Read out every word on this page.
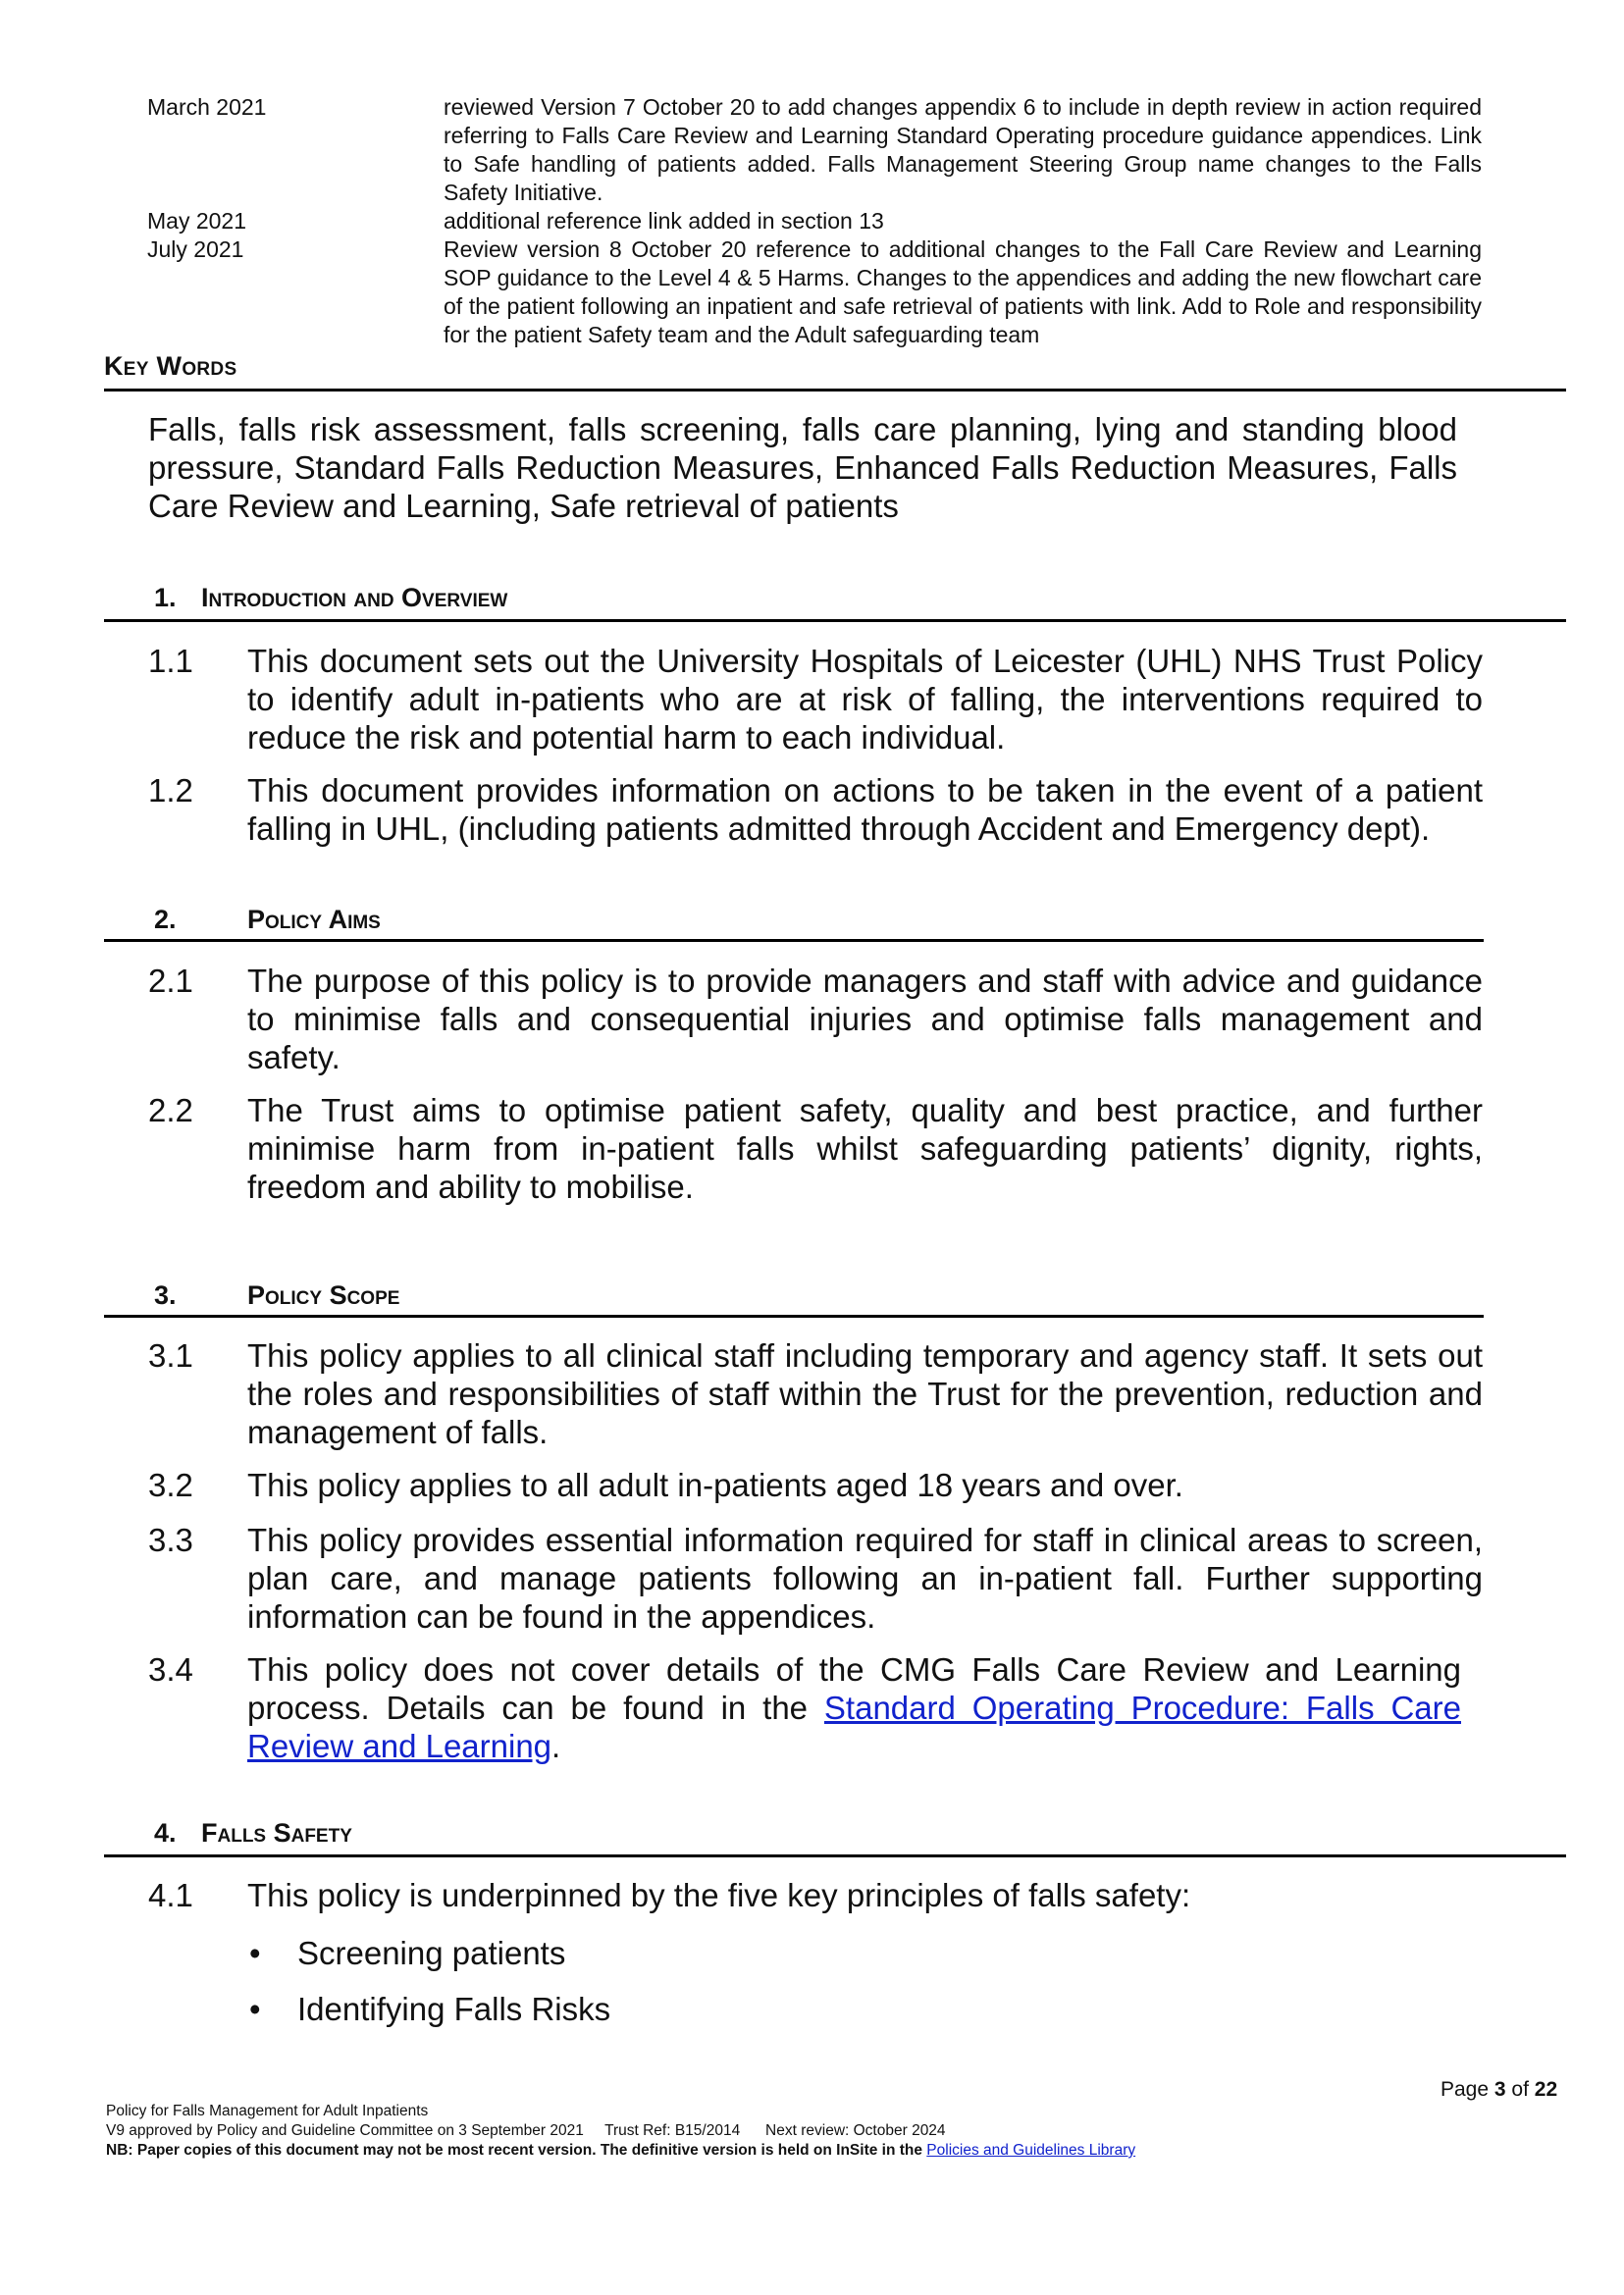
March 2021	reviewed Version 7 October 20 to add changes appendix 6 to include in depth review in action required referring to Falls Care Review and Learning Standard Operating procedure guidance appendices. Link to Safe handling of patients added. Falls Management Steering Group name changes to the Falls Safety Initiative.
May 2021	additional reference link added in section 13
July 2021	Review version 8 October 20 reference to additional changes to the Fall Care Review and Learning SOP guidance to the Level 4 & 5 Harms. Changes to the appendices and adding the new flowchart care of the patient following an inpatient and safe retrieval of patients with link. Add to Role and responsibility for the patient Safety team and the Adult safeguarding team
Key Words
Falls, falls risk assessment, falls screening, falls care planning, lying and standing blood pressure, Standard Falls Reduction Measures, Enhanced Falls Reduction Measures, Falls Care Review and Learning, Safe retrieval of patients
1. Introduction and Overview
1.1 This document sets out the University Hospitals of Leicester (UHL) NHS Trust Policy to identify adult in-patients who are at risk of falling, the interventions required to reduce the risk and potential harm to each individual.
1.2 This document provides information on actions to be taken in the event of a patient falling in UHL, (including patients admitted through Accident and Emergency dept).
2.	Policy Aims
2.1 The purpose of this policy is to provide managers and staff with advice and guidance to minimise falls and consequential injuries and optimise falls management and safety.
2.2 The Trust aims to optimise patient safety, quality and best practice, and further minimise harm from in-patient falls whilst safeguarding patients’ dignity, rights, freedom and ability to mobilise.
3.	Policy Scope
3.1 This policy applies to all clinical staff including temporary and agency staff. It sets out the roles and responsibilities of staff within the Trust for the prevention, reduction and management of falls.
3.2 This policy applies to all adult in-patients aged 18 years and over.
3.3 This policy provides essential information required for staff in clinical areas to screen, plan care, and manage patients following an in-patient fall. Further supporting information can be found in the appendices.
3.4 This policy does not cover details of the CMG Falls Care Review and Learning process. Details can be found in the Standard Operating Procedure: Falls Care Review and Learning.
4. Falls Safety
4.1 This policy is underpinned by the five key principles of falls safety:
• Screening patients
• Identifying Falls Risks
Page 3 of 22
Policy for Falls Management for Adult Inpatients
V9 approved by Policy and Guideline Committee on 3 September 2021     Trust Ref: B15/2014      Next review: October 2024
NB: Paper copies of this document may not be most recent version. The definitive version is held on InSite in the Policies and Guidelines Library
